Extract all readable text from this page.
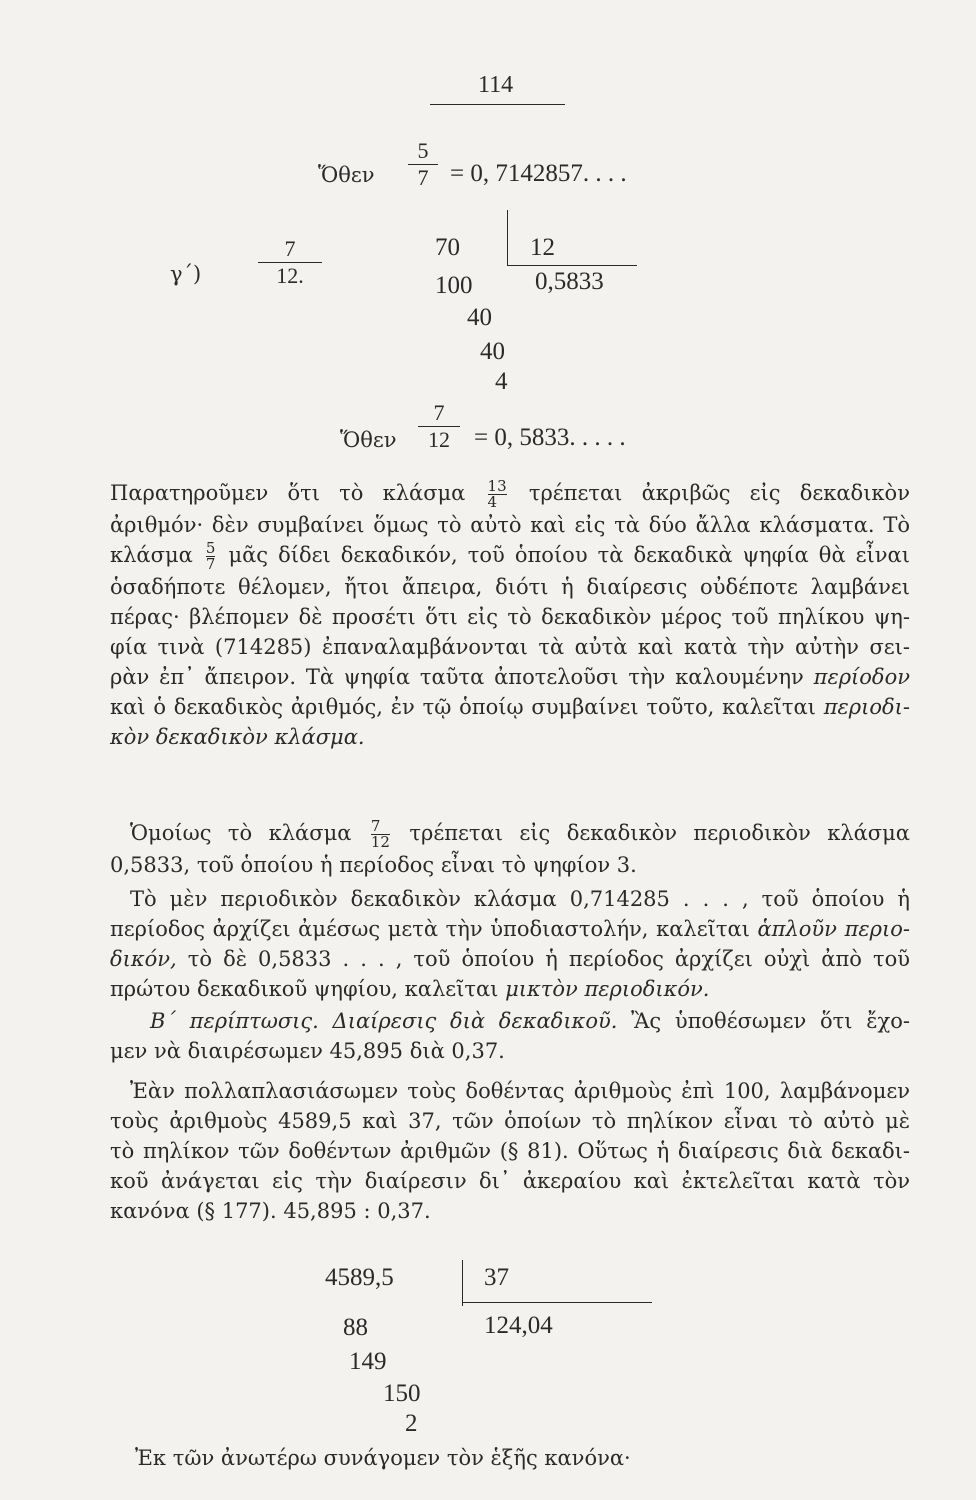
114
Ὅθεν
5
7 = 0, 7142857. . . .
γ΄)
7
12.
70	12
0,5833
100
40
40
4
Ὅθεν
7
12 = 0, 5833. . . . .
Παρατηροῦμεν ὅτι τὸ κλάσμα $\frac{13}{4}$ τρέπεται ἀκριβῶς εἰς δεκαδικὸν
ἀριθμόν· δὲν συμβαίνει ὅμως τὸ αὐτὸ καὶ εἰς τὰ δύο ἄλλα κλάσματα. Τὸ
κλάσμα $\frac{5}{7}$ μᾶς δίδει δεκαδικόν, τοῦ ὁποίου τὰ δεκαδικὰ ψηφία θὰ εἶναι
ὁσαδήποτε θέλομεν, ἤτοι ἄπειρα, διότι ἡ διαίρεσις οὐδέποτε λαμβάνει
πέρας· βλέπομεν δὲ προσέτι ὅτι εἰς τὸ δεκαδικὸν μέρος τοῦ πηλίκου ψη-
φία τινὰ (714285) ἐπαναλαμβάνονται τὰ αὐτὰ καὶ κατὰ τὴν αὐτὴν σει-
ρὰν ἐπ᾽ ἄπειρον. Τὰ ψηφία ταῦτα ἀποτελοῦσι τὴν καλουμένην περίοδον
καὶ ὁ δεκαδικὸς ἀριθμός, ἐν τῷ ὁποίῳ συμβαίνει τοῦτο, καλεῖται περιοδι-
κὸν δεκαδικὸν κλάσμα.
Ὁμοίως τὸ κλάσμα $\frac{7}{12}$ τρέπεται εἰς δεκαδικὸν περιοδικὸν κλάσμα
0,5833, τοῦ ὁποίου ἡ περίοδος εἶναι τὸ ψηφίον 3.
Τὸ μὲν περιοδικὸν δεκαδικὸν κλάσμα 0,714285 . . . , τοῦ ὁποίου ἡ
περίοδος ἀρχίζει ἀμέσως μετὰ τὴν ὑποδιαστολήν, καλεῖται ἁπλοῦν περιο-
δικόν, τὸ δὲ 0,5833 . . . , τοῦ ὁποίου ἡ περίοδος ἀρχίζει οὐχὶ ἀπὸ τοῦ
πρώτου δεκαδικοῦ ψηφίου, καλεῖται μικτὸν περιοδικόν.
Β΄ περίπτωσις. Διαίρεσις διὰ δεκαδικοῦ. Ἂς ὑποθέσωμεν ὅτι ἔχο-
μεν νὰ διαιρέσωμεν 45,895 διὰ 0,37.
Ἐὰν πολλαπλασιάσωμεν τοὺς δοθέντας ἀριθμοὺς ἐπὶ 100, λαμβάνομεν
τοὺς ἀριθμοὺς 4589,5 καὶ 37, τῶν ὁποίων τὸ πηλίκον εἶναι τὸ αὐτὸ μὲ
τὸ πηλίκον τῶν δοθέντων ἀριθμῶν (§ 81). Οὕτως ἡ διαίρεσις διὰ δεκαδι-
κοῦ ἀνάγεται εἰς τὴν διαίρεσιν δι᾽ ἀκεραίου καὶ ἐκτελεῖται κατὰ τὸν
κανόνα (§ 177). 45,895 : 0,37.
4589,5	37
124,04
88
149
150
2
Ἐκ τῶν ἀνωτέρω συνάγομεν τὸν ἑξῆς κανόνα·
